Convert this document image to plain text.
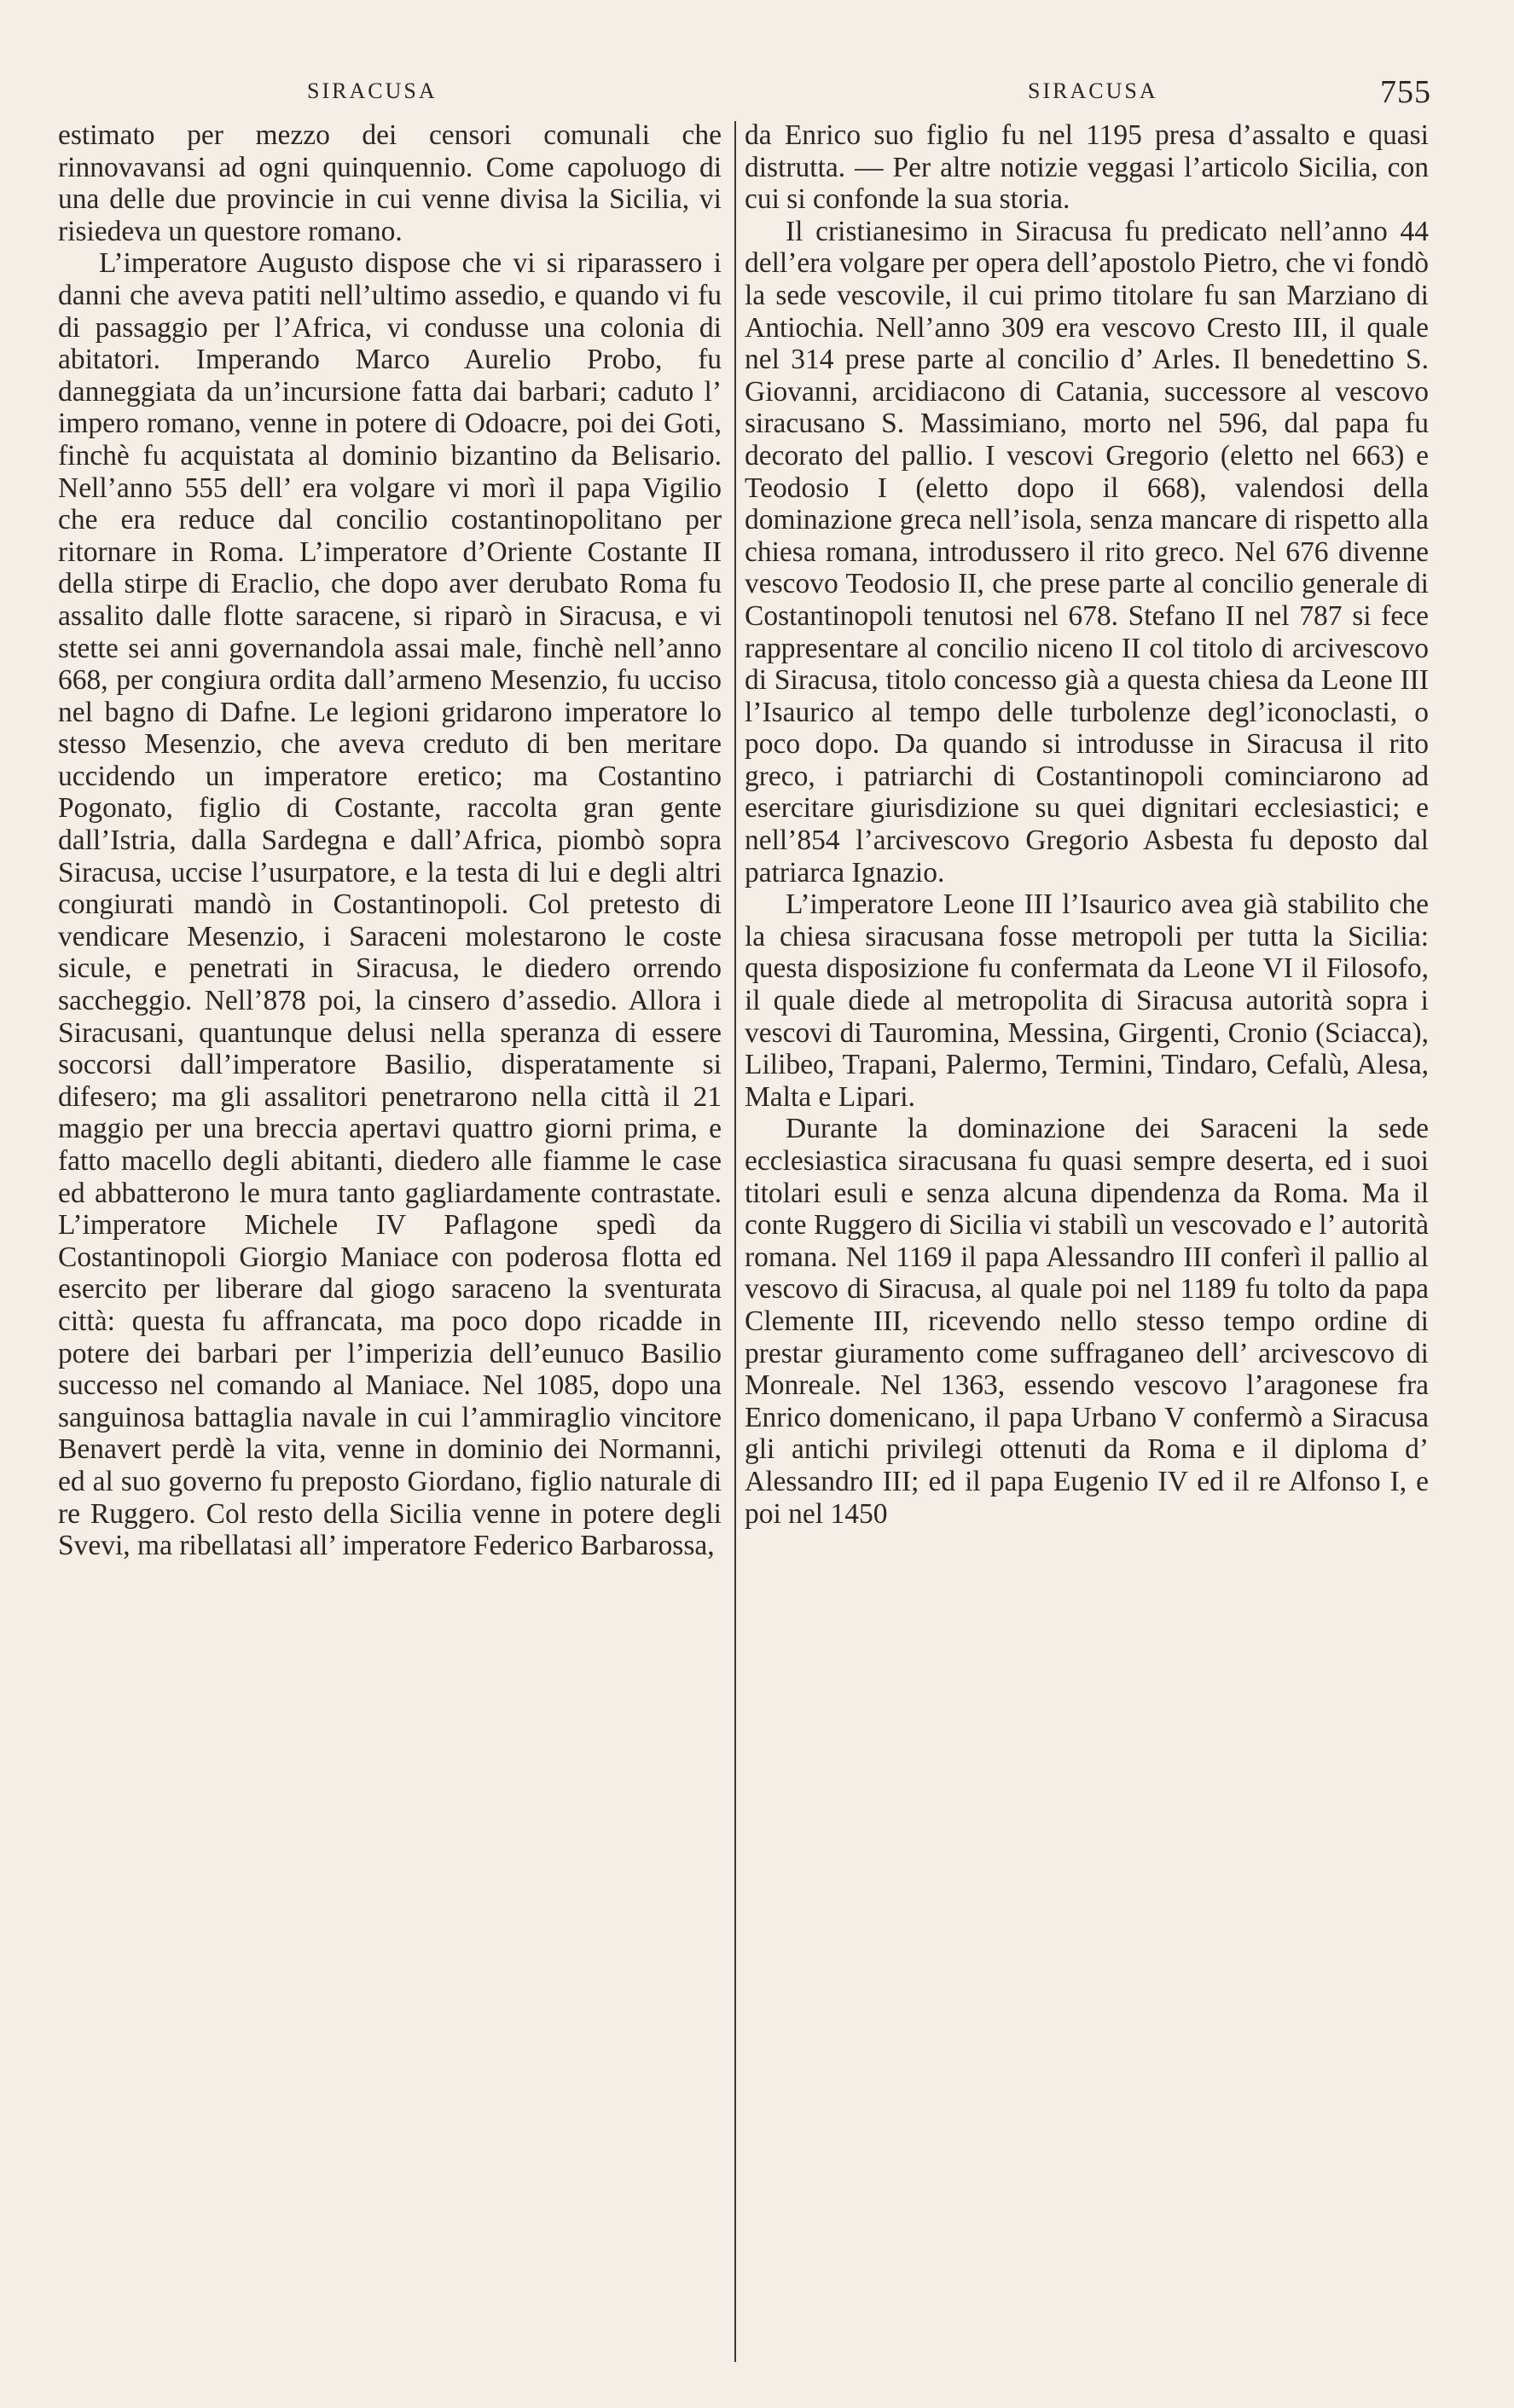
SIRACUSA	SIRACUSA	755

estimato per mezzo dei censori comunali che rinnovavansi ad ogni quinquennio. Come capoluogo di una delle due provincie in cui venne divisa la Sicilia, vi risiedeva un questore romano.

L’imperatore Augusto dispose che vi si riparassero i danni che aveva patiti nell’ultimo assedio, e quando vi fu di passaggio per l’Africa, vi condusse una colonia di abitatori. Imperando Marco Aurelio Probo, fu danneggiata da un’incursione fatta dai barbari; caduto l’ impero romano, venne in potere di Odoacre, poi dei Goti, finchè fu acquistata al dominio bizantino da Belisario. Nell’anno 555 dell’ era volgare vi morì il papa Vigilio che era reduce dal concilio costantinopolitano per ritornare in Roma. L’imperatore d’Oriente Costante II della stirpe di Eraclio, che dopo aver derubato Roma fu assalito dalle flotte saracene, si riparò in Siracusa, e vi stette sei anni governandola assai male, finchè nell’anno 668, per congiura ordita dall’armeno Mesenzio, fu ucciso nel bagno di Dafne. Le legioni gridarono imperatore lo stesso Mesenzio, che aveva creduto di ben meritare uccidendo un imperatore eretico; ma Costantino Pogonato, figlio di Costante, raccolta gran gente dall’Istria, dalla Sardegna e dall’Africa, piombò sopra Siracusa, uccise l’usurpatore, e la testa di lui e degli altri congiurati mandò in Costantinopoli. Col pretesto di vendicare Mesenzio, i Saraceni molestarono le coste sicule, e penetrati in Siracusa, le diedero orrendo saccheggio. Nell’878 poi, la cinsero d’assedio. Allora i Siracusani, quantunque delusi nella speranza di essere soccorsi dall’imperatore Basilio, disperatamente si difesero; ma gli assalitori penetrarono nella città il 21 maggio per una breccia apertavi quattro giorni prima, e fatto macello degli abitanti, diedero alle fiamme le case ed abbatterono le mura tanto gagliardamente contrastate. L’imperatore Michele IV Paflagone spedì da Costantinopoli Giorgio Maniace con poderosa flotta ed esercito per liberare dal giogo saraceno la sventurata città: questa fu affrancata, ma poco dopo ricadde in potere dei barbari per l’imperizia dell’eunuco Basilio successo nel comando al Maniace. Nel 1085, dopo una sanguinosa battaglia navale in cui l’ammiraglio vincitore Benavert perdè la vita, venne in dominio dei Normanni, ed al suo governo fu preposto Giordano, figlio naturale di re Ruggero. Col resto della Sicilia venne in potere degli Svevi, ma ribellatasi all’ imperatore Federico Barbarossa,

da Enrico suo figlio fu nel 1195 presa d’assalto e quasi distrutta. — Per altre notizie veggasi l’articolo Sicilia, con cui si confonde la sua storia.

Il cristianesimo in Siracusa fu predicato nell’anno 44 dell’era volgare per opera dell’apostolo Pietro, che vi fondò la sede vescovile, il cui primo titolare fu san Marziano di Antiochia. Nell’anno 309 era vescovo Cresto III, il quale nel 314 prese parte al concilio d’ Arles. Il benedettino S. Giovanni, arcidiacono di Catania, successore al vescovo siracusano S. Massimiano, morto nel 596, dal papa fu decorato del pallio. I vescovi Gregorio (eletto nel 663) e Teodosio I (eletto dopo il 668), valendosi della dominazione greca nell’isola, senza mancare di rispetto alla chiesa romana, introdussero il rito greco. Nel 676 divenne vescovo Teodosio II, che prese parte al concilio generale di Costantinopoli tenutosi nel 678. Stefano II nel 787 si fece rappresentare al concilio niceno II col titolo di arcivescovo di Siracusa, titolo concesso già a questa chiesa da Leone III l’Isaurico al tempo delle turbolenze degl’iconoclasti, o poco dopo. Da quando si introdusse in Siracusa il rito greco, i patriarchi di Costantinopoli cominciarono ad esercitare giurisdizione su quei dignitari ecclesiastici; e nell’854 l’arcivescovo Gregorio Asbesta fu deposto dal patriarca Ignazio.

L’imperatore Leone III l’Isaurico avea già stabilito che la chiesa siracusana fosse metropoli per tutta la Sicilia: questa disposizione fu confermata da Leone VI il Filosofo, il quale diede al metropolita di Siracusa autorità sopra i vescovi di Tauromina, Messina, Girgenti, Cronio (Sciacca), Lilibeo, Trapani, Palermo, Termini, Tindaro, Cefalù, Alesa, Malta e Lipari.

Durante la dominazione dei Saraceni la sede ecclesiastica siracusana fu quasi sempre deserta, ed i suoi titolari esuli e senza alcuna dipendenza da Roma. Ma il conte Ruggero di Sicilia vi stabilì un vescovado e l’ autorità romana. Nel 1169 il papa Alessandro III conferì il pallio al vescovo di Siracusa, al quale poi nel 1189 fu tolto da papa Clemente III, ricevendo nello stesso tempo ordine di prestar giuramento come suffraganeo dell’ arcivescovo di Monreale. Nel 1363, essendo vescovo l’aragonese fra Enrico domenicano, il papa Urbano V confermò a Siracusa gli antichi privilegi ottenuti da Roma e il diploma d’ Alessandro III; ed il papa Eugenio IV ed il re Alfonso I, e poi nel 1450
